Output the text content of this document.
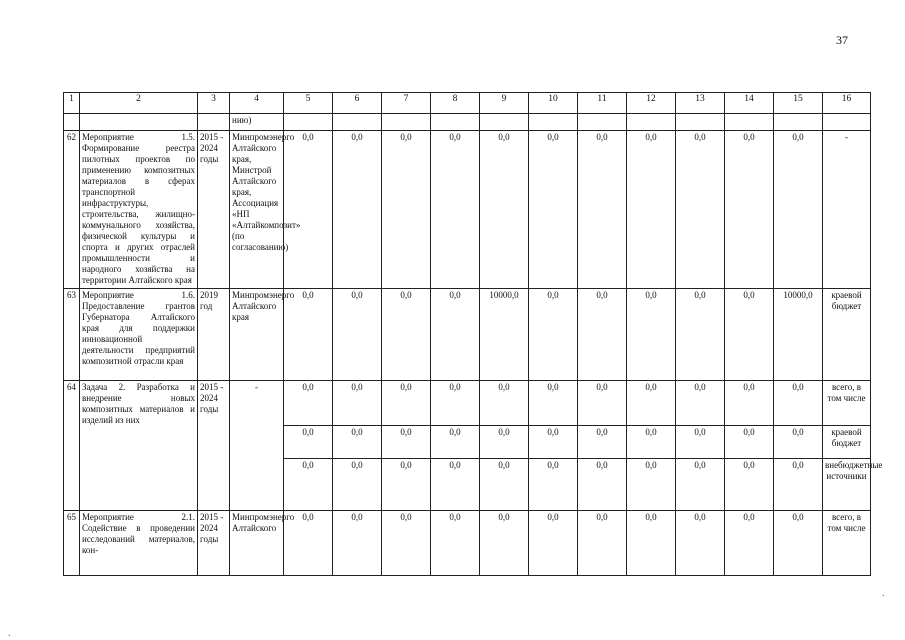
37
1	2	3	4	5	6	7	8	9	10	11	12	13	14	15	16
			нию)												
62	Мероприятие 1.5. Формирование реестра пилотных проектов по применению композитных материалов в сферах транспортной инфраструктуры, строительства, жилищно-коммунального хозяйства, физической культуры и спорта и других отраслей промышленности и народного хозяйства на территории Алтайского края	2015 - 2024 годы	Минпромэнерго Алтайского края, Минстрой Алтайского края, Ассоциация «НП «Алтайкомпозит» (по согласованию)	0,0	0,0	0,0	0,0	0,0	0,0	0,0	0,0	0,0	0,0	0,0	-
63	Мероприятие 1.6. Предоставление грантов Губернатора Алтайского края для поддержки инновационной деятельности предприятий композитной отрасли края	2019 год	Минпромэнерго Алтайского края	0,0	0,0	0,0	0,0	10000,0	0,0	0,0	0,0	0,0	0,0	10000,0	краевой бюджет
64	Задача 2. Разработка и внедрение новых композитных материалов и изделий из них	2015 - 2024 годы	-	0,0	0,0	0,0	0,0	0,0	0,0	0,0	0,0	0,0	0,0	0,0	всего, в том числе
				0,0	0,0	0,0	0,0	0,0	0,0	0,0	0,0	0,0	0,0	0,0	краевой бюджет
				0,0	0,0	0,0	0,0	0,0	0,0	0,0	0,0	0,0	0,0	0,0	внебюджетные источники
65	Мероприятие 2.1. Содействие в проведении исследований материалов, кон-	2015 - 2024 годы	Минпромэнерго Алтайского	0,0	0,0	0,0	0,0	0,0	0,0	0,0	0,0	0,0	0,0	0,0	всего, в том числе
.
.
